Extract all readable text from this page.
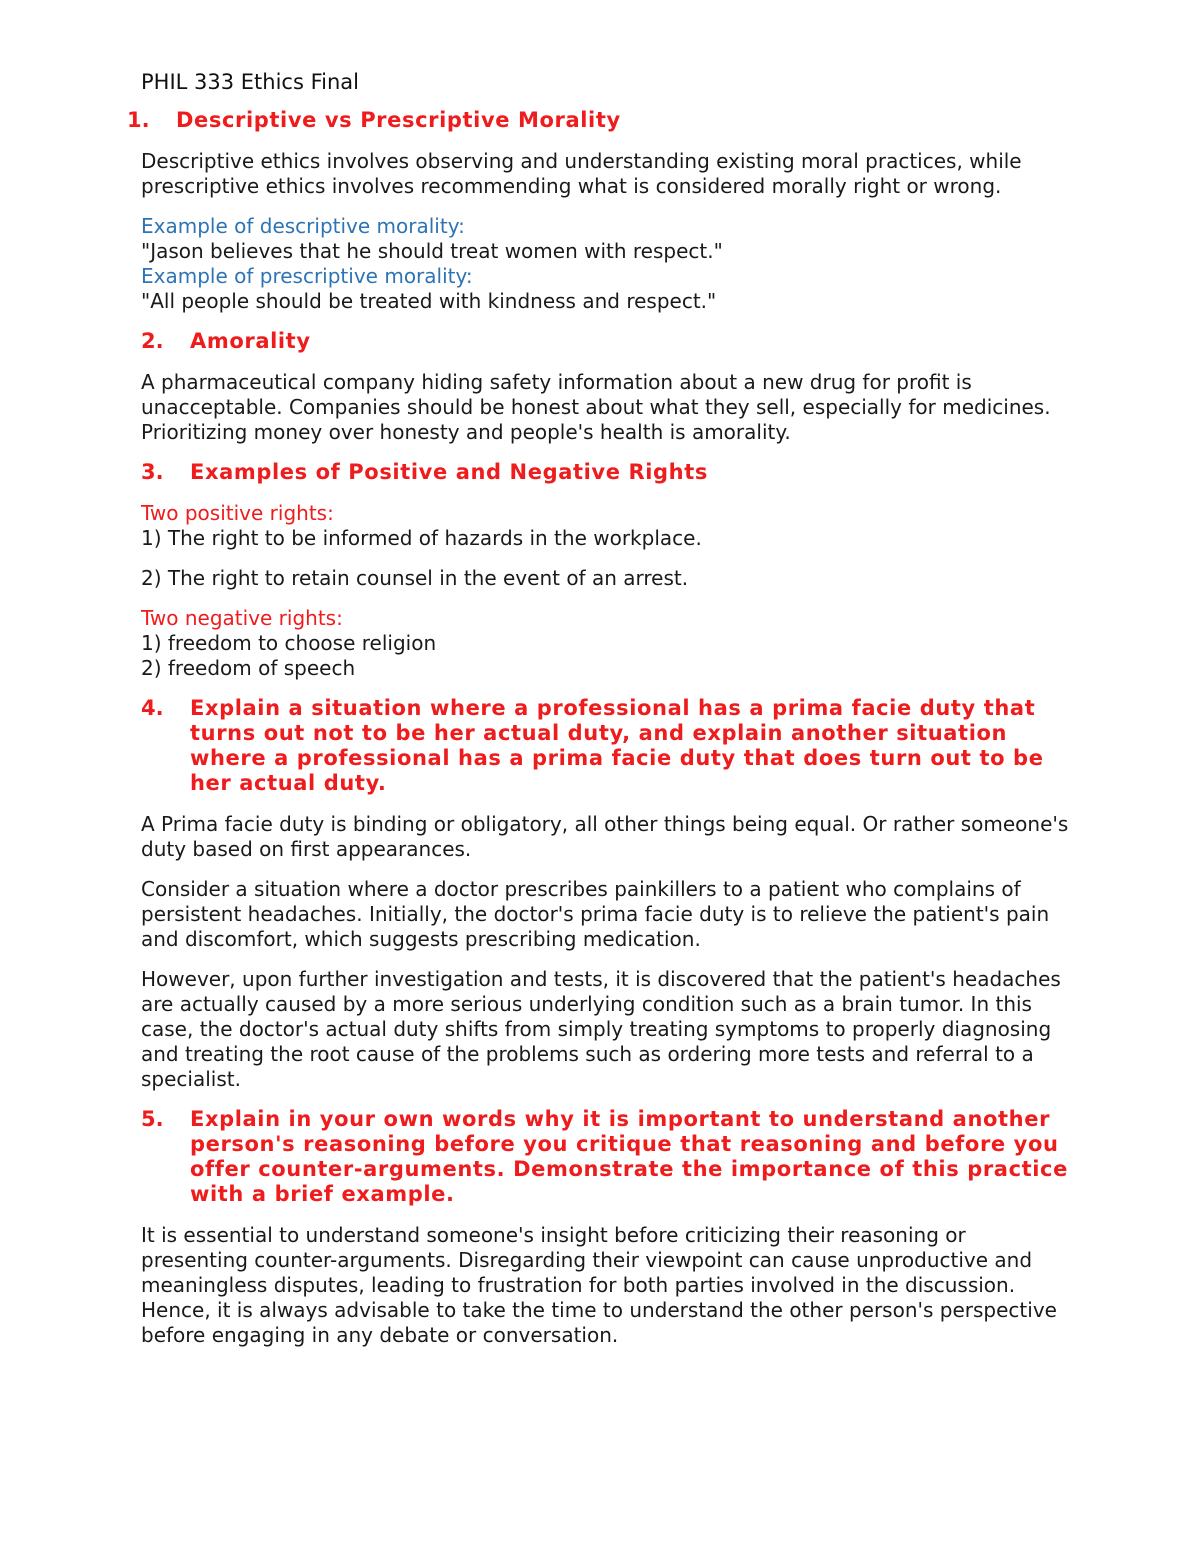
PHIL 333 Ethics Final
1.	Descriptive vs Prescriptive Morality

Descriptive ethics involves observing and understanding existing moral practices, while prescriptive ethics involves recommending what is considered morally right or wrong.

Example of descriptive morality:
"Jason believes that he should treat women with respect."
Example of prescriptive morality:
"All people should be treated with kindness and respect."
2.	Amorality

A pharmaceutical company hiding safety information about a new drug for profit is unacceptable. Companies should be honest about what they sell, especially for medicines. Prioritizing money over honesty and people's health is amorality.

3.	Examples of Positive and Negative Rights
Two positive rights:
1) The right to be informed of hazards in the workplace.

2) The right to retain counsel in the event of an arrest.

Two negative rights:
1) freedom to choose religion
2) freedom of speech
4.	Explain a situation where a professional has a prima facie duty that turns out not to be her actual duty, and explain another situation where a professional has a prima facie duty that does turn out to be her actual duty.

A Prima facie duty is binding or obligatory, all other things being equal. Or rather someone's duty based on first appearances.

Consider a situation where a doctor prescribes painkillers to a patient who complains of persistent headaches. Initially, the doctor's prima facie duty is to relieve the patient's pain and discomfort, which suggests prescribing medication.

However, upon further investigation and tests, it is discovered that the patient's headaches are actually caused by a more serious underlying condition such as a brain tumor. In this case, the doctor's actual duty shifts from simply treating symptoms to properly diagnosing and treating the root cause of the problems such as ordering more tests and referral to a specialist.

5.	Explain in your own words why it is important to understand another person's reasoning before you critique that reasoning and before you offer counter-arguments. Demonstrate the importance of this practice with a brief example.

It is essential to understand someone's insight before criticizing their reasoning or presenting counter-arguments. Disregarding their viewpoint can cause unproductive and meaningless disputes, leading to frustration for both parties involved in the discussion. Hence, it is always advisable to take the time to understand the other person's perspective before engaging in any debate or conversation.
